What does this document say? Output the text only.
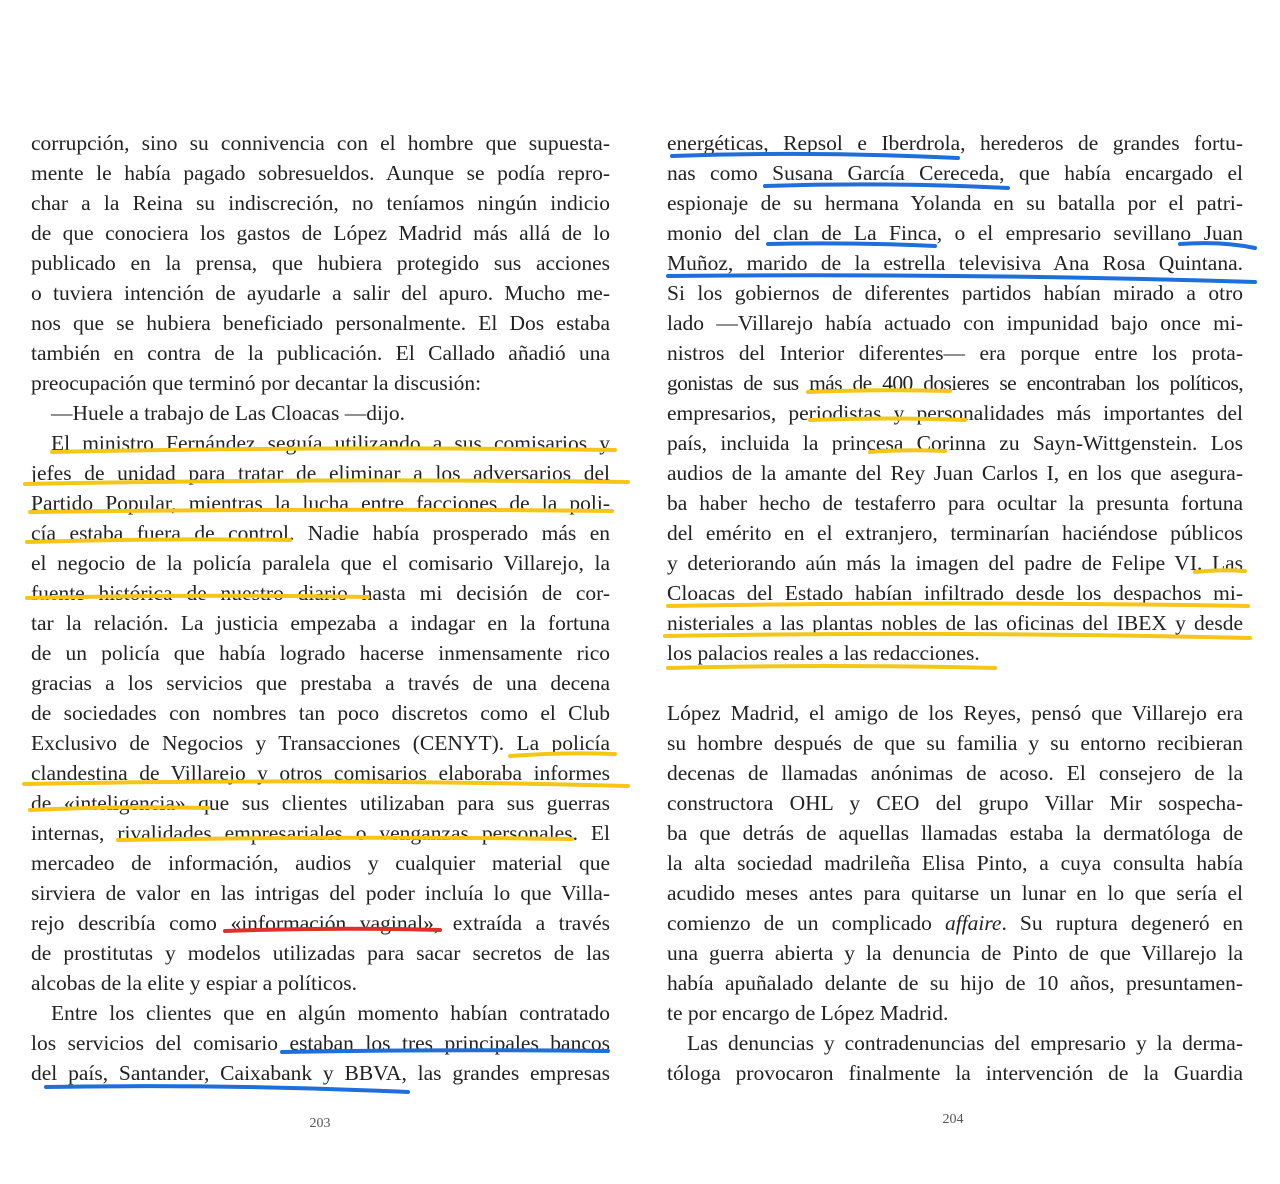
corrupción, sino su connivencia con el hombre que supuesta-
mente le había pagado sobresueldos. Aunque se podía repro-
char a la Reina su indiscreción, no teníamos ningún indicio
de que conociera los gastos de López Madrid más allá de lo
publicado en la prensa, que hubiera protegido sus acciones
o tuviera intención de ayudarle a salir del apuro. Mucho me-
nos que se hubiera beneficiado personalmente. El Dos estaba
también en contra de la publicación. El Callado añadió una
preocupación que terminó por decantar la discusión:
—Huele a trabajo de Las Cloacas —dijo.
El ministro Fernández seguía utilizando a sus comisarios y
jefes de unidad para tratar de eliminar a los adversarios del
Partido Popular, mientras la lucha entre facciones de la poli-
cía estaba fuera de control. Nadie había prosperado más en
el negocio de la policía paralela que el comisario Villarejo, la
fuente histórica de nuestro diario hasta mi decisión de cor-
tar la relación. La justicia empezaba a indagar en la fortuna
de un policía que había logrado hacerse inmensamente rico
gracias a los servicios que prestaba a través de una decena
de sociedades con nombres tan poco discretos como el Club
Exclusivo de Negocios y Transacciones (CENYT). La policía
clandestina de Villarejo y otros comisarios elaboraba informes
de «inteligencia» que sus clientes utilizaban para sus guerras
internas, rivalidades empresariales o venganzas personales. El
mercadeo de información, audios y cualquier material que
sirviera de valor en las intrigas del poder incluía lo que Villa-
rejo describía como «información vaginal», extraída a través
de prostitutas y modelos utilizadas para sacar secretos de las
alcobas de la elite y espiar a políticos.
Entre los clientes que en algún momento habían contratado
los servicios del comisario estaban los tres principales bancos
del país, Santander, Caixabank y BBVA, las grandes empresas
203
energéticas, Repsol e Iberdrola, herederos de grandes fortu-
nas como Susana García Cereceda, que había encargado el
espionaje de su hermana Yolanda en su batalla por el patri-
monio del clan de La Finca, o el empresario sevillano Juan
Muñoz, marido de la estrella televisiva Ana Rosa Quintana.
Si los gobiernos de diferentes partidos habían mirado a otro
lado —Villarejo había actuado con impunidad bajo once mi-
nistros del Interior diferentes— era porque entre los prota-
gonistas de sus más de 400 dosieres se encontraban los políticos,
empresarios, periodistas y personalidades más importantes del
país, incluida la princesa Corinna zu Sayn-Wittgenstein. Los
audios de la amante del Rey Juan Carlos I, en los que asegura-
ba haber hecho de testaferro para ocultar la presunta fortuna
del emérito en el extranjero, terminarían haciéndose públicos
y deteriorando aún más la imagen del padre de Felipe VI. Las
Cloacas del Estado habían infiltrado desde los despachos mi-
nisteriales a las plantas nobles de las oficinas del IBEX y desde
los palacios reales a las redacciones.
López Madrid, el amigo de los Reyes, pensó que Villarejo era
su hombre después de que su familia y su entorno recibieran
decenas de llamadas anónimas de acoso. El consejero de la
constructora OHL y CEO del grupo Villar Mir sospecha-
ba que detrás de aquellas llamadas estaba la dermatóloga de
la alta sociedad madrileña Elisa Pinto, a cuya consulta había
acudido meses antes para quitarse un lunar en lo que sería el
comienzo de un complicado affaire. Su ruptura degeneró en
una guerra abierta y la denuncia de Pinto de que Villarejo la
había apuñalado delante de su hijo de 10 años, presuntamen-
te por encargo de López Madrid.
Las denuncias y contradenuncias del empresario y la derma-
tóloga provocaron finalmente la intervención de la Guardia
204
